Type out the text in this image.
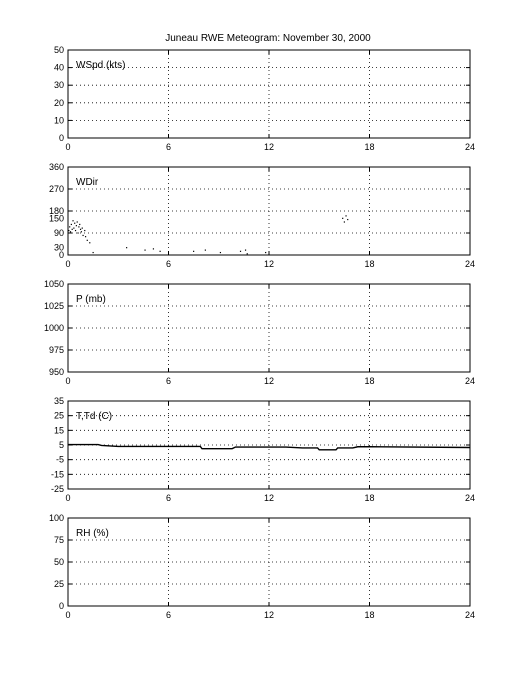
Juneau RWE Meteogram: November 30, 2000
0	6	12	18	24
0
10
20
30
40
50
WSpd (kts)
0	6	12	18	24
0
90
180
270
360
30
150
WDir
0	6	12	18	24
950
975
1000
1025
1050
P (mb)
0	6	12	18	24
-25
-15
-5
5
15
25
35
T,Td (C)
0	6	12	18	24
0
25
50
75
100
RH (%)
